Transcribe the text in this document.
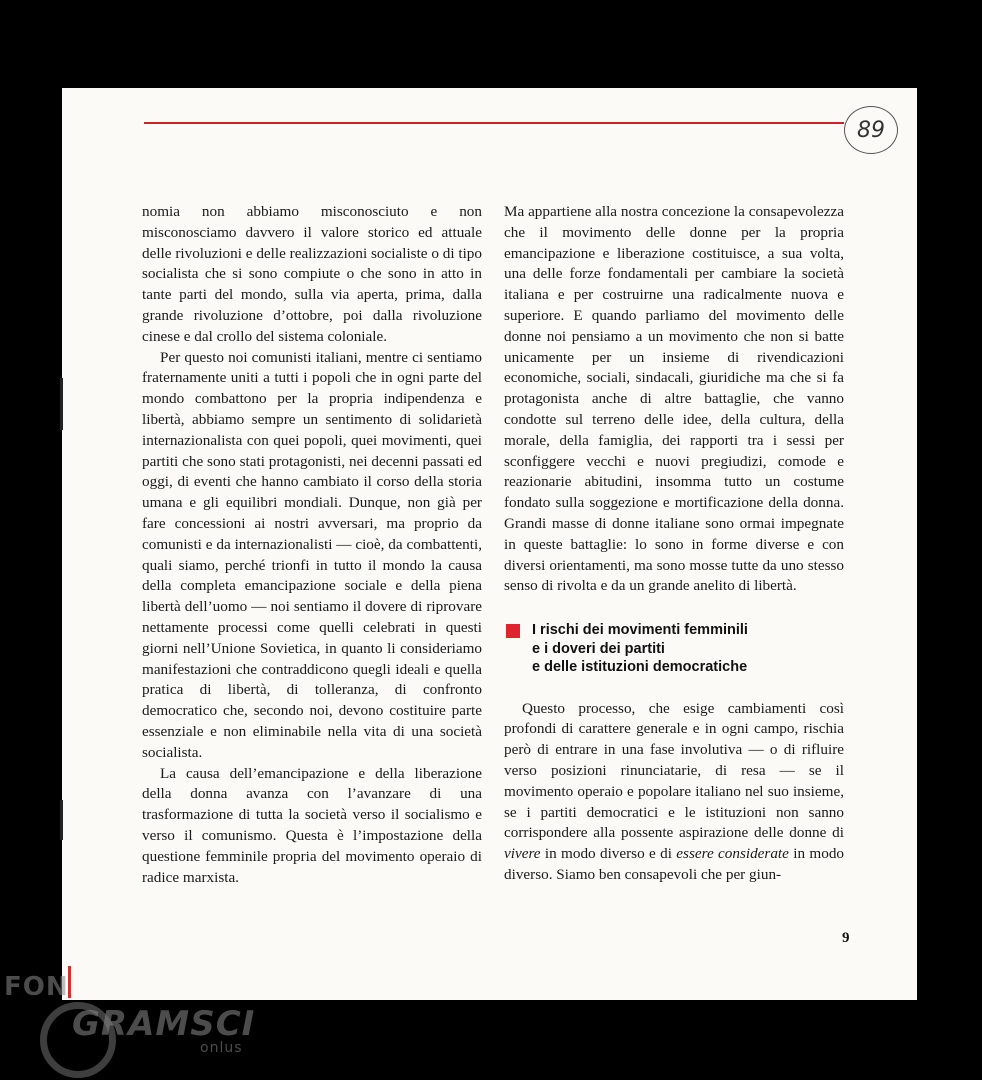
89

nomia non abbiamo misconosciuto e non misconosciamo davvero il valore storico ed attuale delle rivoluzioni e delle realizzazioni socialiste o di tipo socialista che si sono compiute o che sono in atto in tante parti del mondo, sulla via aperta, prima, dalla grande rivoluzione d’ottobre, poi dalla rivoluzione cinese e dal crollo del sistema coloniale.

Per questo noi comunisti italiani, mentre ci sentiamo fraternamente uniti a tutti i popoli che in ogni parte del mondo combattono per la propria indipendenza e libertà, abbiamo sempre un sentimento di solidarietà internazionalista con quei popoli, quei movimenti, quei partiti che sono stati protagonisti, nei decenni passati ed oggi, di eventi che hanno cambiato il corso della storia umana e gli equilibri mondiali. Dunque, non già per fare concessioni ai nostri avversari, ma proprio da comunisti e da internazionalisti — cioè, da combattenti, quali siamo, perché trionfi in tutto il mondo la causa della completa emancipazione sociale e della piena libertà dell’uomo — noi sentiamo il dovere di riprovare nettamente processi come quelli celebrati in questi giorni nell’Unione Sovietica, in quanto li consideriamo manifestazioni che contraddicono quegli ideali e quella pratica di libertà, di tolleranza, di confronto democratico che, secondo noi, devono costituire parte essenziale e non eliminabile nella vita di una società socialista.

La causa dell’emancipazione e della liberazione della donna avanza con l’avanzare di una trasformazione di tutta la società verso il socialismo e verso il comunismo. Questa è l’impostazione della questione femminile propria del movimento operaio di radice marxista.

Ma appartiene alla nostra concezione la consapevolezza che il movimento delle donne per la propria emancipazione e liberazione costituisce, a sua volta, una delle forze fondamentali per cambiare la società italiana e per costruirne una radicalmente nuova e superiore. E quando parliamo del movimento delle donne noi pensiamo a un movimento che non si batte unicamente per un insieme di rivendicazioni economiche, sociali, sindacali, giuridiche ma che si fa protagonista anche di altre battaglie, che vanno condotte sul terreno delle idee, della cultura, della morale, della famiglia, dei rapporti tra i sessi per sconfiggere vecchi e nuovi pregiudizi, comode e reazionarie abitudini, insomma tutto un costume fondato sulla soggezione e mortificazione della donna. Grandi masse di donne italiane sono ormai impegnate in queste battaglie: lo sono in forme diverse e con diversi orientamenti, ma sono mosse tutte da uno stesso senso di rivolta e da un grande anelito di libertà.

I rischi dei movimenti femminili
e i doveri dei partiti
e delle istituzioni democratiche

Questo processo, che esige cambiamenti così profondi di carattere generale e in ogni campo, rischia però di entrare in una fase involutiva — o di rifluire verso posizioni rinunciatarie, di resa — se il movimento operaio e popolare italiano nel suo insieme, se i partiti democratici e le istituzioni non sanno corrispondere alla possente aspirazione delle donne di vivere in modo diverso e di essere considerate in modo diverso. Siamo ben consapevoli che per giun-

9
FON
GRAMSCI
onlus
